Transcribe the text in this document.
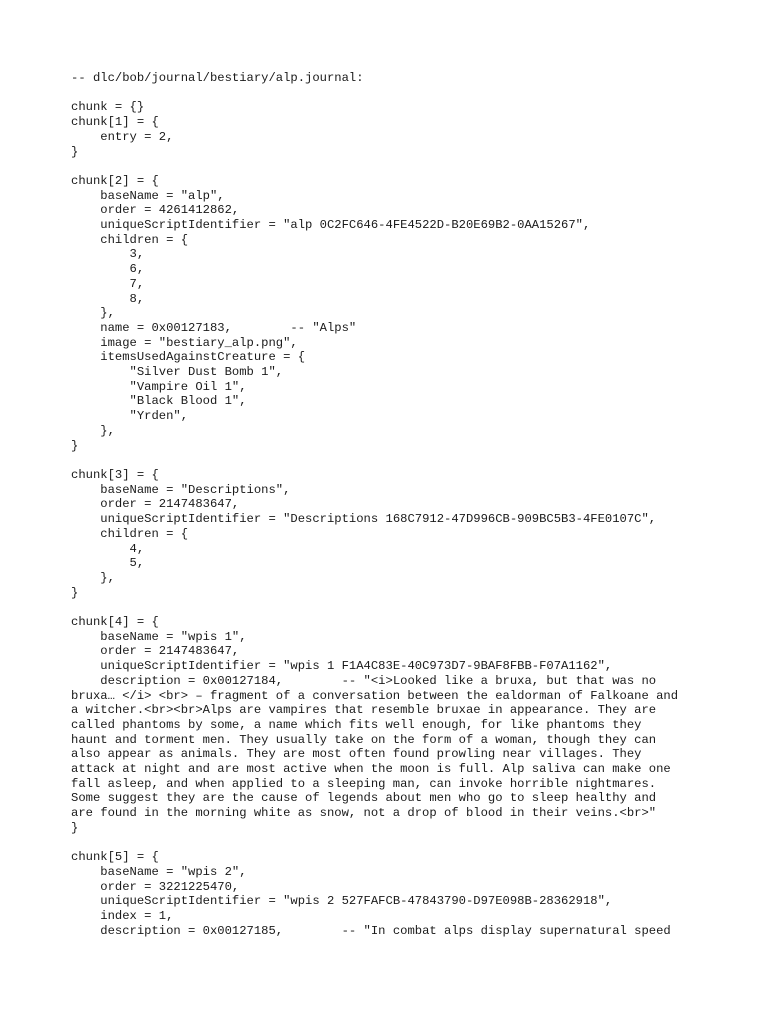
-- dlc/bob/journal/bestiary/alp.journal:

chunk = {}
chunk[1] = {
entry = 2,
}

chunk[2] = {
baseName = "alp",
order = 4261412862,
uniqueScriptIdentifier = "alp 0C2FC646-4FE4522D-B20E69B2-0AA15267",
children = {
3,
6,
7,
8,
},
name = 0x00127183,        -- "Alps"
image = "bestiary_alp.png",
itemsUsedAgainstCreature = {
"Silver Dust Bomb 1",
"Vampire Oil 1",
"Black Blood 1",
"Yrden",
},
}

chunk[3] = {
baseName = "Descriptions",
order = 2147483647,
uniqueScriptIdentifier = "Descriptions 168C7912-47D996CB-909BC5B3-4FE0107C",
children = {
4,
5,
},
}

chunk[4] = {
baseName = "wpis 1",
order = 2147483647,
uniqueScriptIdentifier = "wpis 1 F1A4C83E-40C973D7-9BAF8FBB-F07A1162",
description = 0x00127184,        -- "<i>Looked like a bruxa, but that was no
bruxa… </i> <br> – fragment of a conversation between the ealdorman of Falkoane and
a witcher.<br><br>Alps are vampires that resemble bruxae in appearance. They are
called phantoms by some, a name which fits well enough, for like phantoms they
haunt and torment men. They usually take on the form of a woman, though they can
also appear as animals. They are most often found prowling near villages. They
attack at night and are most active when the moon is full. Alp saliva can make one
fall asleep, and when applied to a sleeping man, can invoke horrible nightmares.
Some suggest they are the cause of legends about men who go to sleep healthy and
are found in the morning white as snow, not a drop of blood in their veins.<br>"
}

chunk[5] = {
baseName = "wpis 2",
order = 3221225470,
uniqueScriptIdentifier = "wpis 2 527FAFCB-47843790-D97E098B-28362918",
index = 1,
description = 0x00127185,        -- "In combat alps display supernatural speed
